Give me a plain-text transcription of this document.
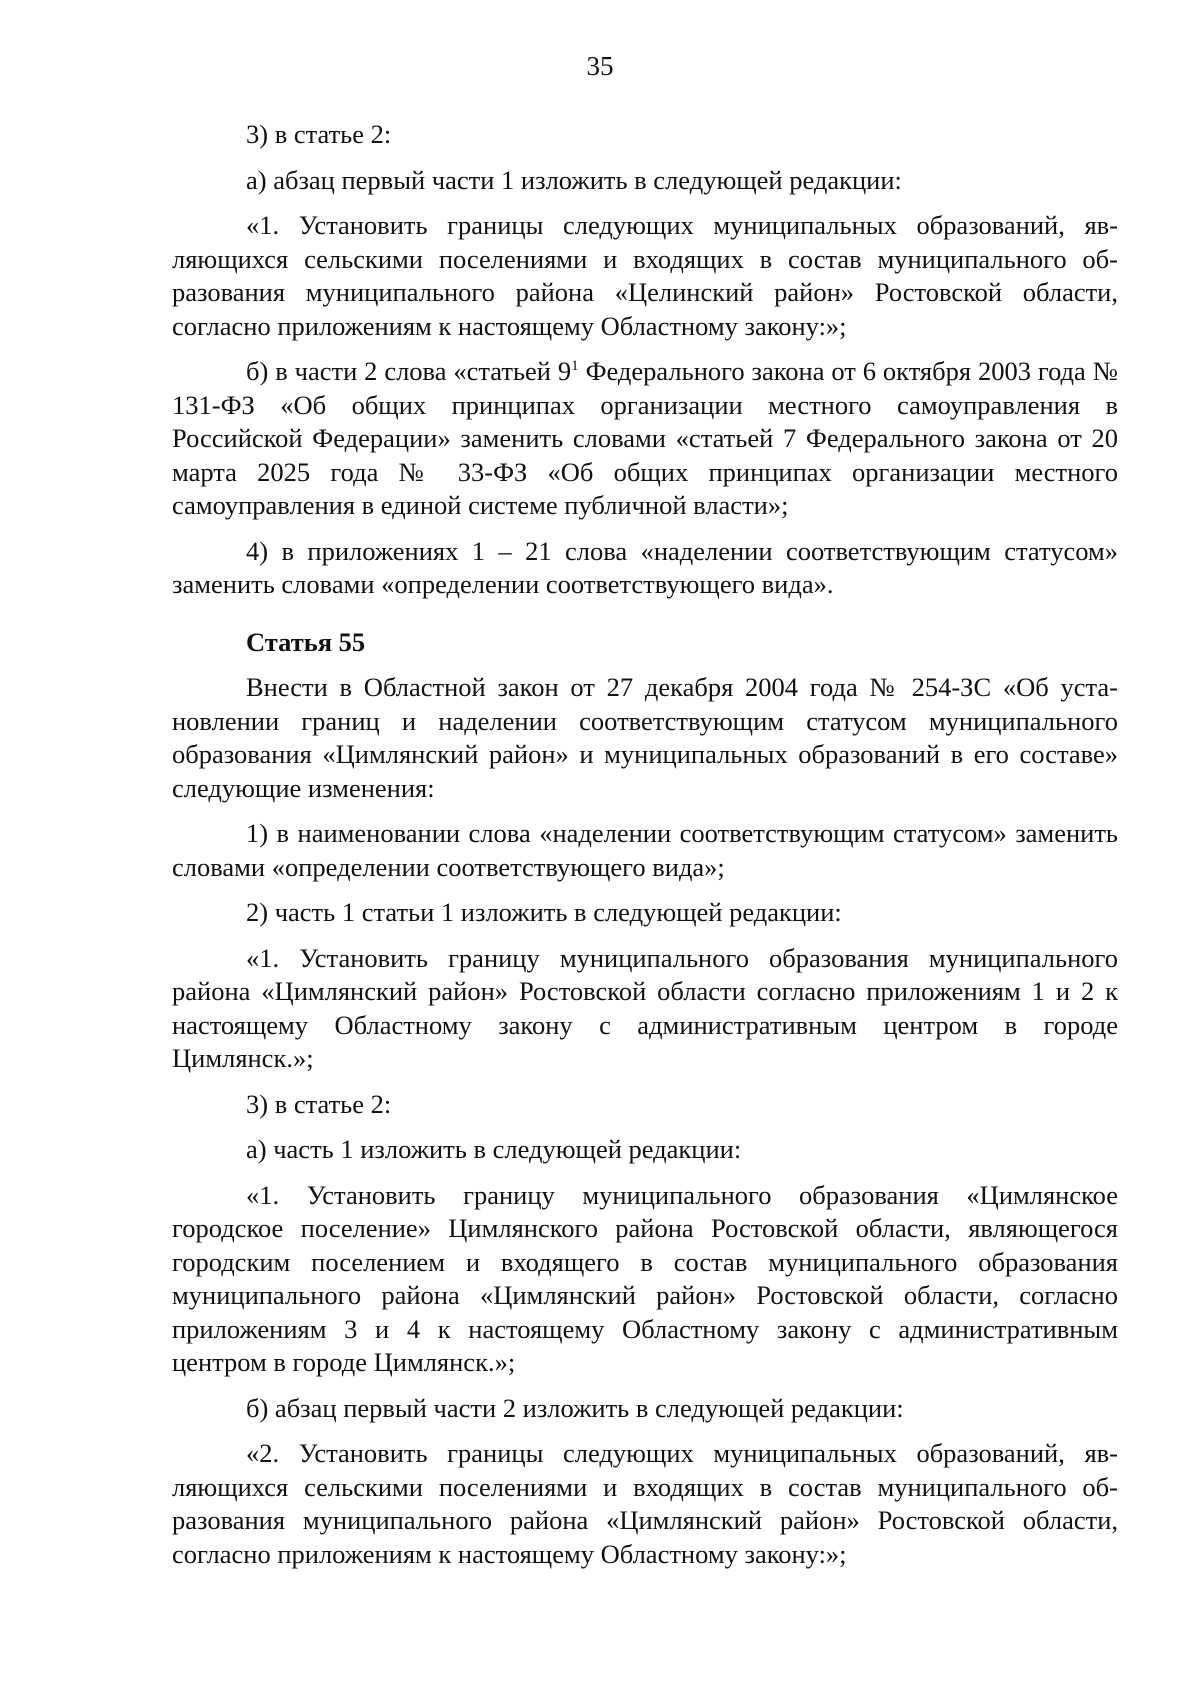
35

3) в статье 2:

а) абзац первый части 1 изложить в следующей редакции:

«1. Установить границы следующих муниципальных образований, являющихся сельскими поселениями и входящих в состав муниципального образования муниципального района «Целинский район» Ростовской области, согласно приложениям к настоящему Областному закону:»;

б) в части 2 слова «статьей $9^1$ Федерального закона от 6 октября 2003 года № 131-ФЗ «Об общих принципах организации местного самоуправления в Российской Федерации» заменить словами «статьей 7 Федерального закона от 20 марта 2025 года № 33-ФЗ «Об общих принципах организации местного самоуправления в единой системе публичной власти»;

4) в приложениях 1 – 21 слова «наделении соответствующим статусом» заменить словами «определении соответствующего вида».

Статья 55

Внести в Областной закон от 27 декабря 2004 года № 254-ЗС «Об установлении границ и наделении соответствующим статусом муниципального образования «Цимлянский район» и муниципальных образований в его составе» следующие изменения:

1) в наименовании слова «наделении соответствующим статусом» заменить словами «определении соответствующего вида»;

2) часть 1 статьи 1 изложить в следующей редакции:

«1. Установить границу муниципального образования муниципального района «Цимлянский район» Ростовской области согласно приложениям 1 и 2 к настоящему Областному закону с административным центром в городе Цимлянск.»;

3) в статье 2:

а) часть 1 изложить в следующей редакции:

«1. Установить границу муниципального образования «Цимлянское городское поселение» Цимлянского района Ростовской области, являющегося городским поселением и входящего в состав муниципального образования муниципального района «Цимлянский район» Ростовской области, согласно приложениям 3 и 4 к настоящему Областному закону с административным центром в городе Цимлянск.»;

б) абзац первый части 2 изложить в следующей редакции:

«2. Установить границы следующих муниципальных образований, являющихся сельскими поселениями и входящих в состав муниципального образования муниципального района «Цимлянский район» Ростовской области, согласно приложениям к настоящему Областному закону:»;
